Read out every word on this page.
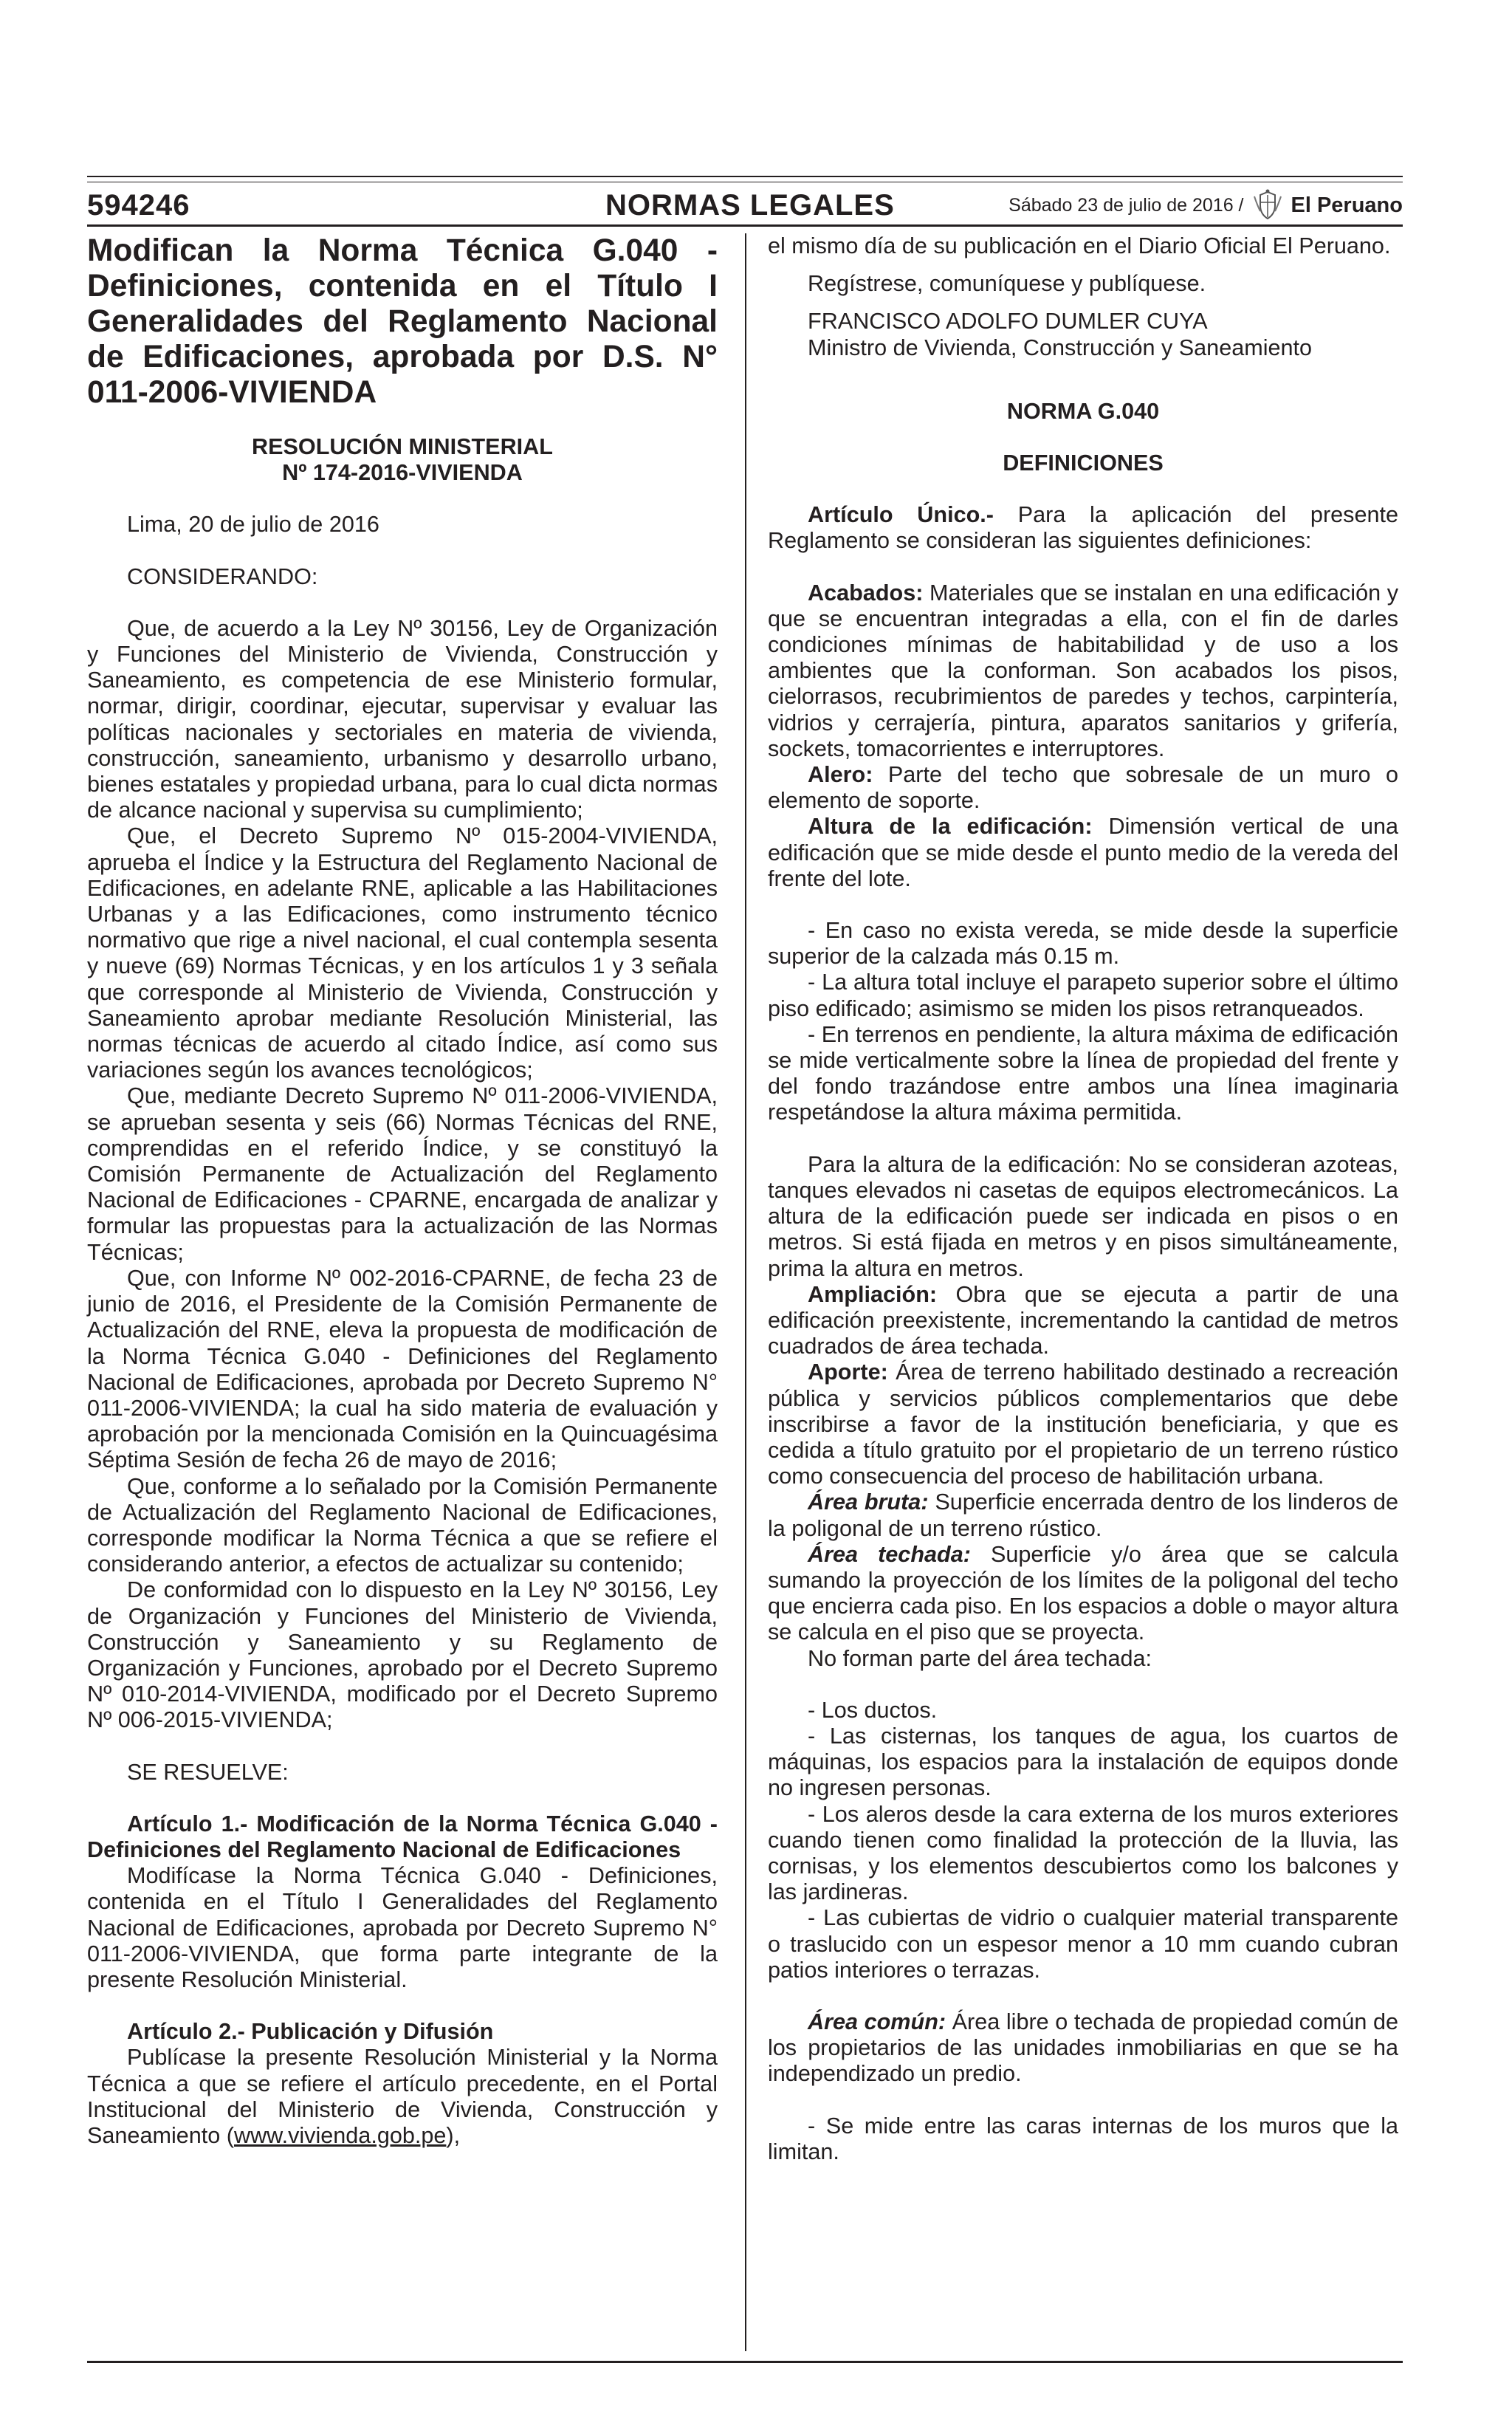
594246	NORMAS LEGALES	Sábado 23 de julio de 2016 / El Peruano

Modifican la Norma Técnica G.040 - Definiciones, contenida en el Título I Generalidades del Reglamento Nacional de Edificaciones, aprobada por D.S. N° 011-2006-VIVIENDA

RESOLUCIÓN MINISTERIAL

Nº 174-2016-VIVIENDA

Lima, 20 de julio de 2016

CONSIDERANDO:

Que, de acuerdo a la Ley Nº 30156, Ley de Organización y Funciones del Ministerio de Vivienda, Construcción y Saneamiento, es competencia de ese Ministerio formular, normar, dirigir, coordinar, ejecutar, supervisar y evaluar las políticas nacionales y sectoriales en materia de vivienda, construcción, saneamiento, urbanismo y desarrollo urbano, bienes estatales y propiedad urbana, para lo cual dicta normas de alcance nacional y supervisa su cumplimiento;

Que, el Decreto Supremo Nº 015-2004-VIVIENDA, aprueba el Índice y la Estructura del Reglamento Nacional de Edificaciones, en adelante RNE, aplicable a las Habilitaciones Urbanas y a las Edificaciones, como instrumento técnico normativo que rige a nivel nacional, el cual contempla sesenta y nueve (69) Normas Técnicas, y en los artículos 1 y 3 señala que corresponde al Ministerio de Vivienda, Construcción y Saneamiento aprobar mediante Resolución Ministerial, las normas técnicas de acuerdo al citado Índice, así como sus variaciones según los avances tecnológicos;

Que, mediante Decreto Supremo Nº 011-2006-VIVIENDA, se aprueban sesenta y seis (66) Normas Técnicas del RNE, comprendidas en el referido Índice, y se constituyó la Comisión Permanente de Actualización del Reglamento Nacional de Edificaciones - CPARNE, encargada de analizar y formular las propuestas para la actualización de las Normas Técnicas;

Que, con Informe Nº 002-2016-CPARNE, de fecha 23 de junio de 2016, el Presidente de la Comisión Permanente de Actualización del RNE, eleva la propuesta de modificación de la Norma Técnica G.040 - Definiciones del Reglamento Nacional de Edificaciones, aprobada por Decreto Supremo N° 011-2006-VIVIENDA; la cual ha sido materia de evaluación y aprobación por la mencionada Comisión en la Quincuagésima Séptima Sesión de fecha 26 de mayo de 2016;

Que, conforme a lo señalado por la Comisión Permanente de Actualización del Reglamento Nacional de Edificaciones, corresponde modificar la Norma Técnica a que se refiere el considerando anterior, a efectos de actualizar su contenido;

De conformidad con lo dispuesto en la Ley Nº 30156, Ley de Organización y Funciones del Ministerio de Vivienda, Construcción y Saneamiento y su Reglamento de Organización y Funciones, aprobado por el Decreto Supremo Nº 010-2014-VIVIENDA, modificado por el Decreto Supremo Nº 006-2015-VIVIENDA;

SE RESUELVE:

Artículo 1.- Modificación de la Norma Técnica G.040 - Definiciones del Reglamento Nacional de Edificaciones

Modifícase la Norma Técnica G.040 - Definiciones, contenida en el Título I Generalidades del Reglamento Nacional de Edificaciones, aprobada por Decreto Supremo N° 011-2006-VIVIENDA, que forma parte integrante de la presente Resolución Ministerial.

Artículo 2.- Publicación y Difusión

Publícase la presente Resolución Ministerial y la Norma Técnica a que se refiere el artículo precedente, en el Portal Institucional del Ministerio de Vivienda, Construcción y Saneamiento (www.vivienda.gob.pe),

el mismo día de su publicación en el Diario Oficial El Peruano.

Regístrese, comuníquese y publíquese.

FRANCISCO ADOLFO DUMLER CUYA

Ministro de Vivienda, Construcción y Saneamiento

NORMA G.040

DEFINICIONES

Artículo Único.- Para la aplicación del presente Reglamento se consideran las siguientes definiciones:

Acabados: Materiales que se instalan en una edificación y que se encuentran integradas a ella, con el fin de darles condiciones mínimas de habitabilidad y de uso a los ambientes que la conforman. Son acabados los pisos, cielorrasos, recubrimientos de paredes y techos, carpintería, vidrios y cerrajería, pintura, aparatos sanitarios y grifería, sockets, tomacorrientes e interruptores.

Alero: Parte del techo que sobresale de un muro o elemento de soporte.

Altura de la edificación: Dimensión vertical de una edificación que se mide desde el punto medio de la vereda del frente del lote.

- En caso no exista vereda, se mide desde la superficie superior de la calzada más 0.15 m.

- La altura total incluye el parapeto superior sobre el último piso edificado; asimismo se miden los pisos retranqueados.

- En terrenos en pendiente, la altura máxima de edificación se mide verticalmente sobre la línea de propiedad del frente y del fondo trazándose entre ambos una línea imaginaria respetándose la altura máxima permitida.

Para la altura de la edificación: No se consideran azoteas, tanques elevados ni casetas de equipos electromecánicos. La altura de la edificación puede ser indicada en pisos o en metros. Si está fijada en metros y en pisos simultáneamente, prima la altura en metros.

Ampliación: Obra que se ejecuta a partir de una edificación preexistente, incrementando la cantidad de metros cuadrados de área techada.

Aporte: Área de terreno habilitado destinado a recreación pública y servicios públicos complementarios que debe inscribirse a favor de la institución beneficiaria, y que es cedida a título gratuito por el propietario de un terreno rústico como consecuencia del proceso de habilitación urbana.

Área bruta: Superficie encerrada dentro de los linderos de la poligonal de un terreno rústico.

Área techada: Superficie y/o área que se calcula sumando la proyección de los límites de la poligonal del techo que encierra cada piso. En los espacios a doble o mayor altura se calcula en el piso que se proyecta.

No forman parte del área techada:

- Los ductos.

- Las cisternas, los tanques de agua, los cuartos de máquinas, los espacios para la instalación de equipos donde no ingresen personas.

- Los aleros desde la cara externa de los muros exteriores cuando tienen como finalidad la protección de la lluvia, las cornisas, y los elementos descubiertos como los balcones y las jardineras.

- Las cubiertas de vidrio o cualquier material transparente o traslucido con un espesor menor a 10 mm cuando cubran patios interiores o terrazas.

Área común: Área libre o techada de propiedad común de los propietarios de las unidades inmobiliarias en que se ha independizado un predio.

- Se mide entre las caras internas de los muros que la limitan.
